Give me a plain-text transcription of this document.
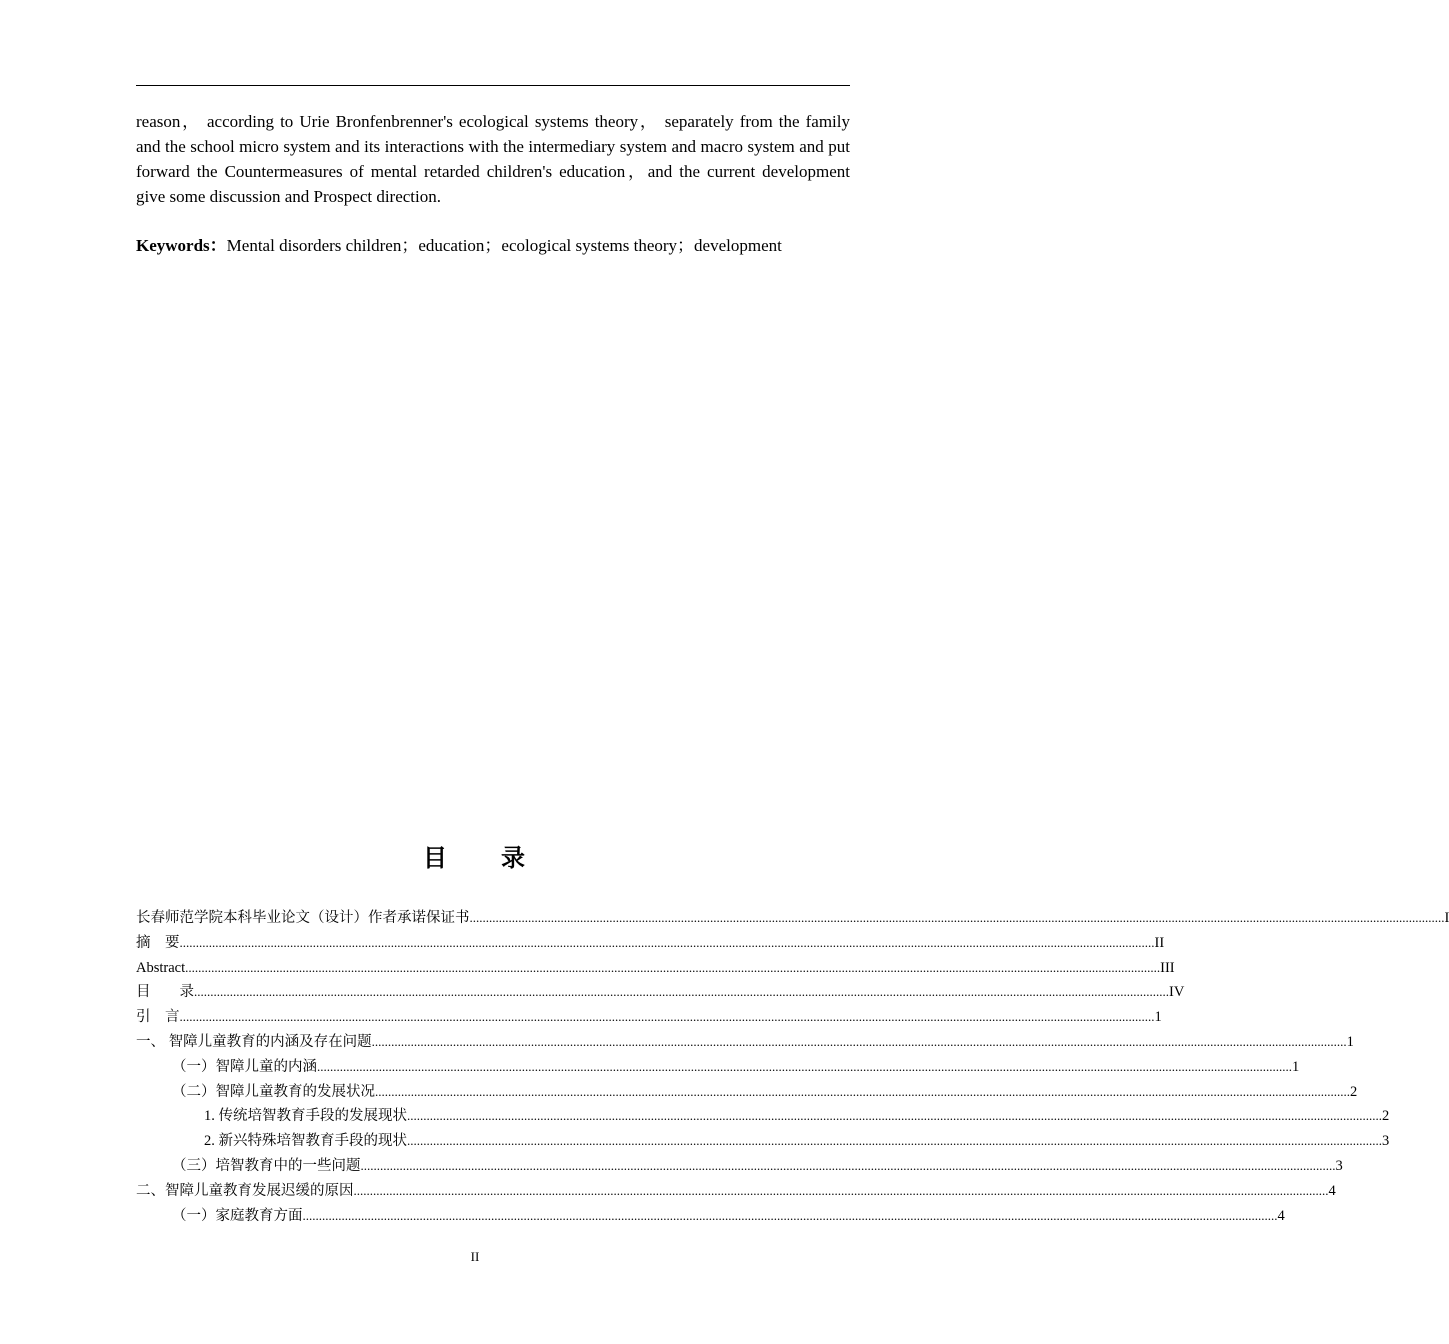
reason， according to Urie Bronfenbrenner's ecological systems theory， separately from the family and the school micro system and its interactions with the intermediary system and macro system and put forward the Countermeasures of mental retarded children's education，and the current development give some discussion and Prospect direction.

Keywords：Mental disorders children；education；ecological systems theory；development

目　　录
长春师范学院本科毕业论文（设计）作者承诺保证书 ............................................................................................................................................................................................................................................................................................................ I
摘　要 ............................................................................................................................................................................................................................................................................................................ II
Abstract ............................................................................................................................................................................................................................................................................................................ III
目　　录 ............................................................................................................................................................................................................................................................................................................ IV
引　言 ............................................................................................................................................................................................................................................................................................................ 1
一、 智障儿童教育的内涵及存在问题 ............................................................................................................................................................................................................................................................................................................ 1
（一）智障儿童的内涵 ............................................................................................................................................................................................................................................................................................................ 1
（二）智障儿童教育的发展状况 ............................................................................................................................................................................................................................................................................................................ 2
1. 传统培智教育手段的发展现状 ............................................................................................................................................................................................................................................................................................................ 2
2. 新兴特殊培智教育手段的现状 ............................................................................................................................................................................................................................................................................................................ 3
（三）培智教育中的一些问题 ............................................................................................................................................................................................................................................................................................................ 3
二、智障儿童教育发展迟缓的原因 ............................................................................................................................................................................................................................................................................................................ 4
（一）家庭教育方面 ............................................................................................................................................................................................................................................................................................................ 4
II
